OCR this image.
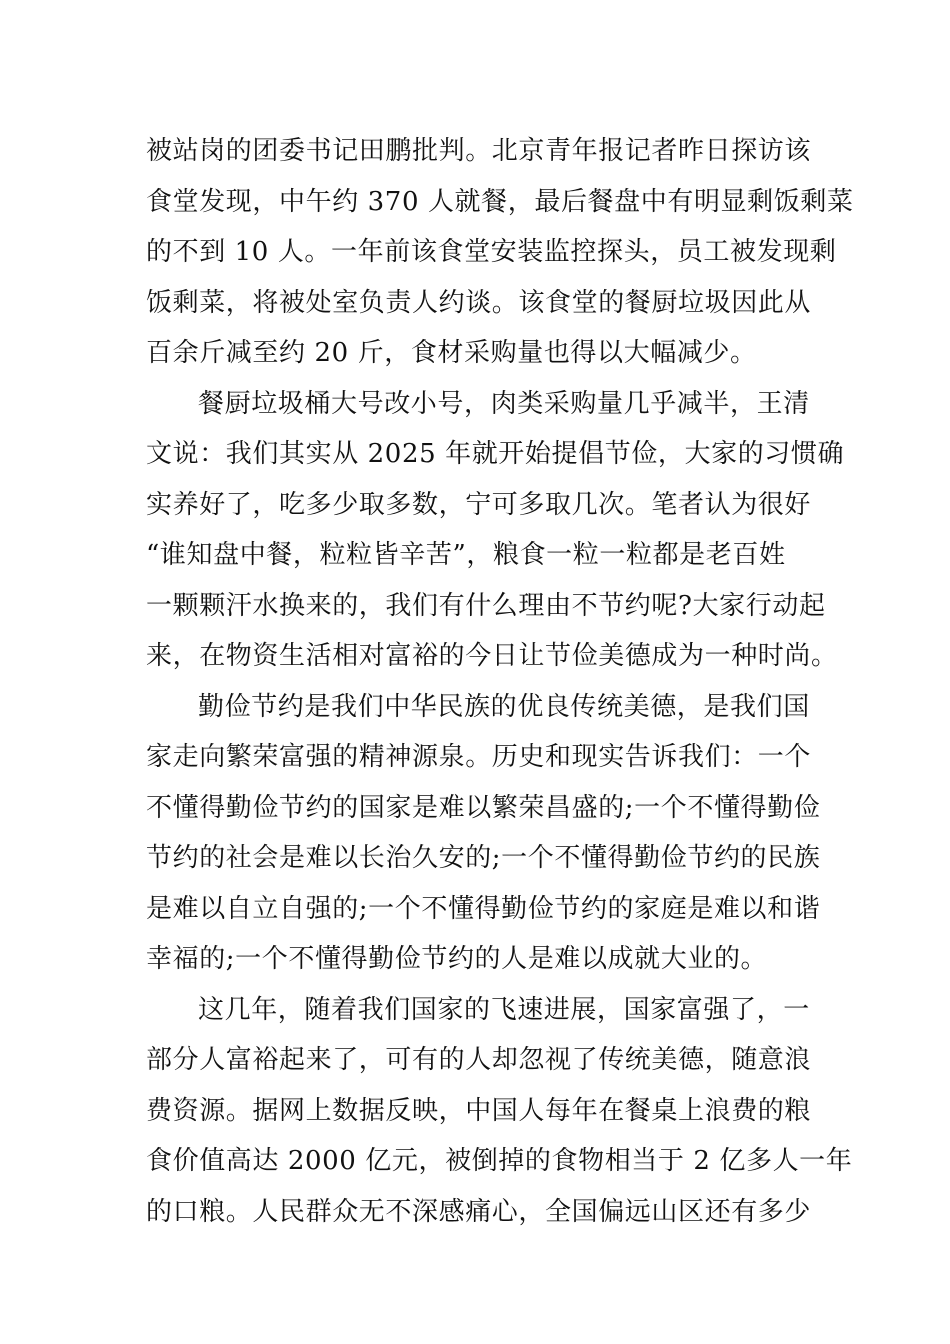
被站岗的团委书记田鹏批判。北京青年报记者昨日探访该
食堂发现，中午约 370 人就餐，最后餐盘中有明显剩饭剩菜
的不到 10 人。一年前该食堂安装监控探头，员工被发现剩
饭剩菜，将被处室负责人约谈。该食堂的餐厨垃圾因此从
百余斤减至约 20 斤，食材采购量也得以大幅减少。
餐厨垃圾桶大号改小号，肉类采购量几乎减半，王清
文说：我们其实从 2025 年就开始提倡节俭，大家的习惯确
实养好了，吃多少取多数，宁可多取几次。笔者认为很好
“谁知盘中餐，粒粒皆辛苦”，粮食一粒一粒都是老百姓
一颗颗汗水换来的，我们有什么理由不节约呢?大家行动起
来，在物资生活相对富裕的今日让节俭美德成为一种时尚。
勤俭节约是我们中华民族的优良传统美德，是我们国
家走向繁荣富强的精神源泉。历史和现实告诉我们：一个
不懂得勤俭节约的国家是难以繁荣昌盛的;一个不懂得勤俭
节约的社会是难以长治久安的;一个不懂得勤俭节约的民族
是难以自立自强的;一个不懂得勤俭节约的家庭是难以和谐
幸福的;一个不懂得勤俭节约的人是难以成就大业的。
这几年，随着我们国家的飞速进展，国家富强了，一
部分人富裕起来了，可有的人却忽视了传统美德，随意浪
费资源。据网上数据反映，中国人每年在餐桌上浪费的粮
食价值高达 2000 亿元，被倒掉的食物相当于 2 亿多人一年
的口粮。人民群众无不深感痛心，全国偏远山区还有多少
